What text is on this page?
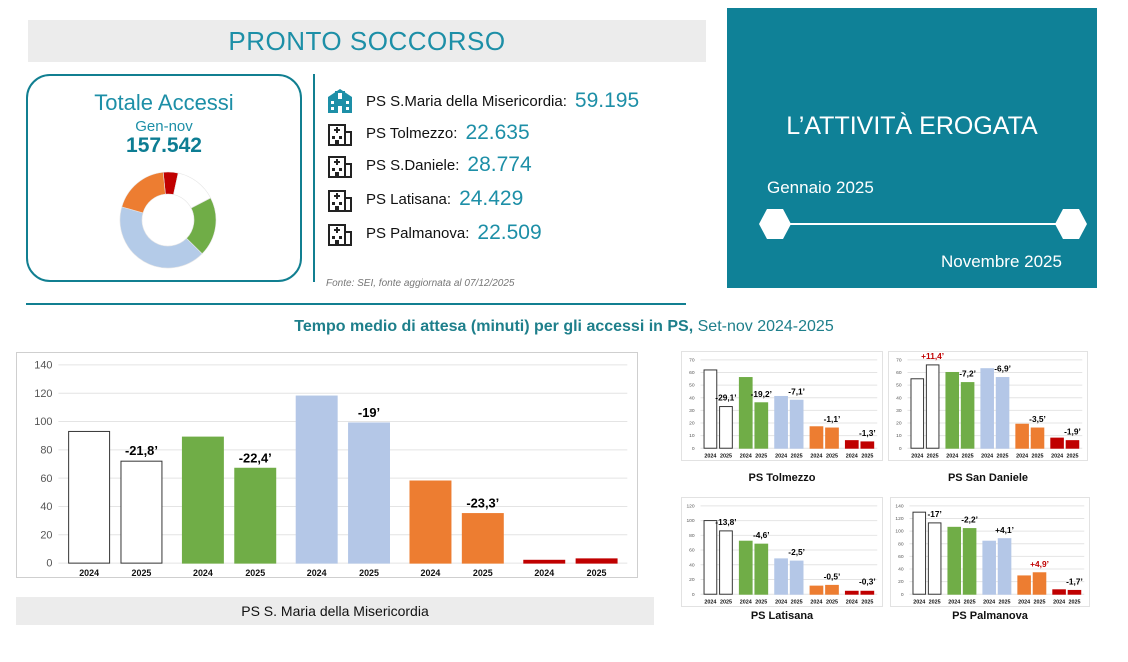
PRONTO SOCCORSO
Totale Accessi
Gen-nov
157.542
PS S.Maria della Misericordia: 59.195
PS Tolmezzo: 22.635
PS S.Daniele: 28.774
PS Latisana: 24.429
PS Palmanova: 22.509
Fonte: SEI, fonte aggiornata al 07/12/2025
L’ATTIVITÀ EROGATA
Gennaio 2025
Novembre 2025
Tempo medio di attesa (minuti) per gli accessi in PS, Set-nov 2024-2025
0
20
40
60
80
100
120
140
2024	2025	2024	2025	2024	2025	2024	2025	2024	2025
-21,8’	-22,4’
-19’
-23,3’
PS S. Maria della Misericordia
0
10
20
30
40
50
60
70
2024 2025 2024 2025 2024 2025 2024 2025 2024 2025
-29,1’ -19,2’ -7,1’
-1,1’
-1,3’
PS Tolmezzo
0
10
20
30
40
50
60
70
2024 2025 2024 2025 2024 2025 2024 2025 2024 2025
+11,4’
-7,2’
-6,9’
-3,5’
-1,9’
PS San Daniele
0
20
40
60
80
100
120
2024 2025 2024 2025 2024 2025 2024 2025 2024 2025
-13,8’
-4,6’
-2,5’
-0,5’ -0,3’
PS Latisana
0
20
40
60
80
100
120
140
2024 2025 2024 2025 2024 2025 2024 2025 2024 2025
-17’
-2,2’
+4,1’
+4,9’
-1,7’
PS Palmanova
